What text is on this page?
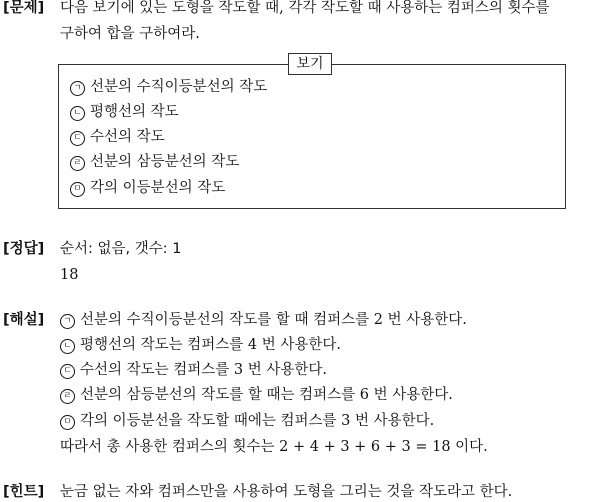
[문제] 다음 보기에 있는 도형을 작도할 때, 각각 작도할 때 사용하는 컴퍼스의 횟수를
구하여 합을 구하여라.
보기
ㄱ 선분의 수직이등분선의 작도
ㄴ 평행선의 작도
ㄷ 수선의 작도
ㄹ 선분의 삼등분선의 작도
ㅁ 각의 이등분선의 작도
[정답] 순서: 없음, 갯수: 1
18
[해설]	ㄱ 선분의 수직이등분선의 작도를 할 때 컴퍼스를 2 번 사용한다.
ㄴ 평행선의 작도는 컴퍼스를 4 번 사용한다.
ㄷ 수선의 작도는 컴퍼스를 3 번 사용한다.
ㄹ 선분의 삼등분선의 작도를 할 때는 컴퍼스를 6 번 사용한다.
ㅁ 각의 이등분선을 작도할 때에는 컴퍼스를 3 번 사용한다.
따라서 총 사용한 컴퍼스의 횟수는 2 + 4 + 3 + 6 + 3 = 18 이다.
[힌트] 눈금 없는 자와 컴퍼스만을 사용하여 도형을 그리는 것을 작도라고 한다.
